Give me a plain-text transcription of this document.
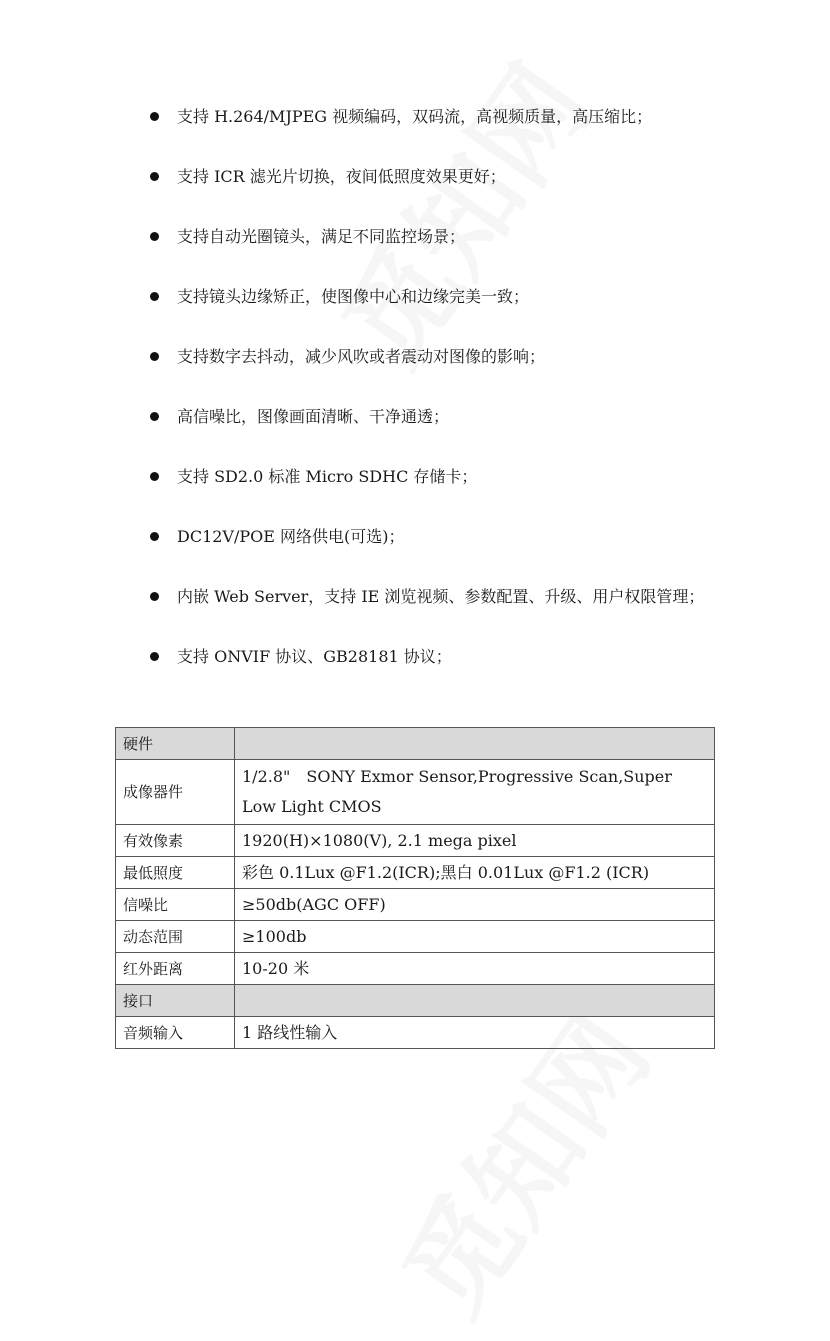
支持 H.264/MJPEG 视频编码，双码流，高视频质量，高压缩比；
支持 ICR 滤光片切换，夜间低照度效果更好；
支持自动光圈镜头，满足不同监控场景；
支持镜头边缘矫正，使图像中心和边缘完美一致；
支持数字去抖动，减少风吹或者震动对图像的影响；
高信噪比，图像画面清晰、干净通透；
支持 SD2.0 标准 Micro SDHC 存储卡；
DC12V/POE 网络供电(可选)；
内嵌 Web Server，支持 IE 浏览视频、参数配置、升级、用户权限管理；
支持 ONVIF 协议、GB28181 协议；
硬件	
成像器件	1/2.8"　SONY Exmor Sensor,Progressive Scan,Super Low Light CMOS
有效像素	1920(H)×1080(V), 2.1 mega pixel
最低照度	彩色 0.1Lux @F1.2(ICR);黑白 0.01Lux @F1.2 (ICR)
信噪比	≥50db(AGC OFF)
动态范围	≥100db
红外距离	10-20 米
接口	
音频输入	1 路线性输入
